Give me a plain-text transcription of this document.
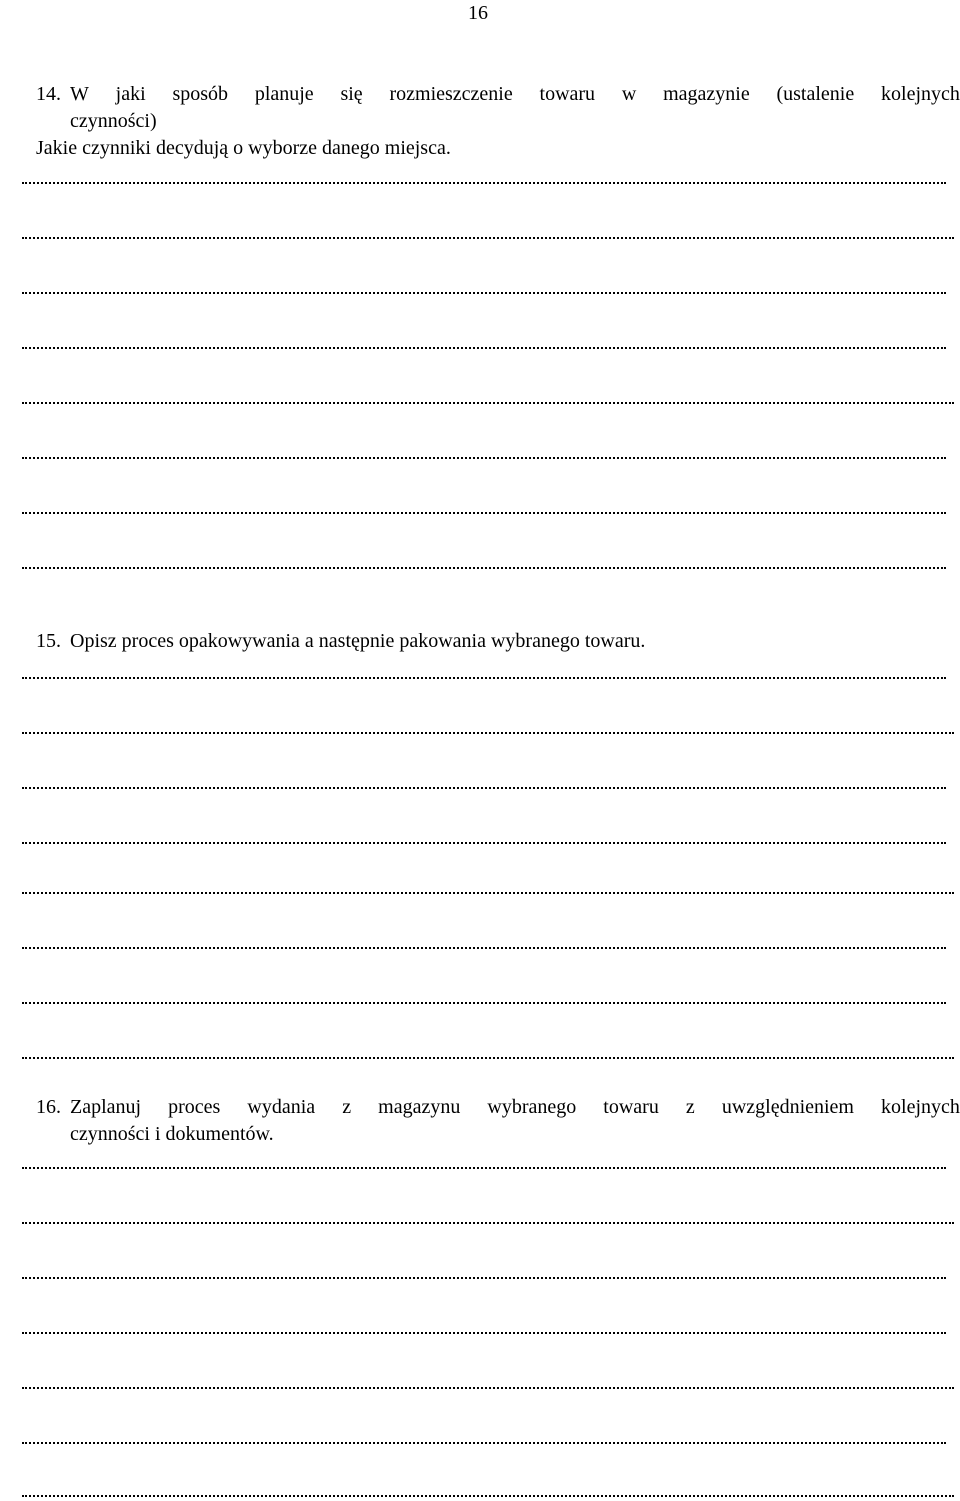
16
14. W jaki sposób planuje się rozmieszczenie towaru w magazynie (ustalenie kolejnych
czynności)
Jakie czynniki decydują o wyborze danego miejsca.
15. Opisz proces opakowywania a następnie pakowania wybranego towaru.
16. Zaplanuj proces wydania z magazynu wybranego towaru z uwzględnieniem kolejnych
czynności i dokumentów.
